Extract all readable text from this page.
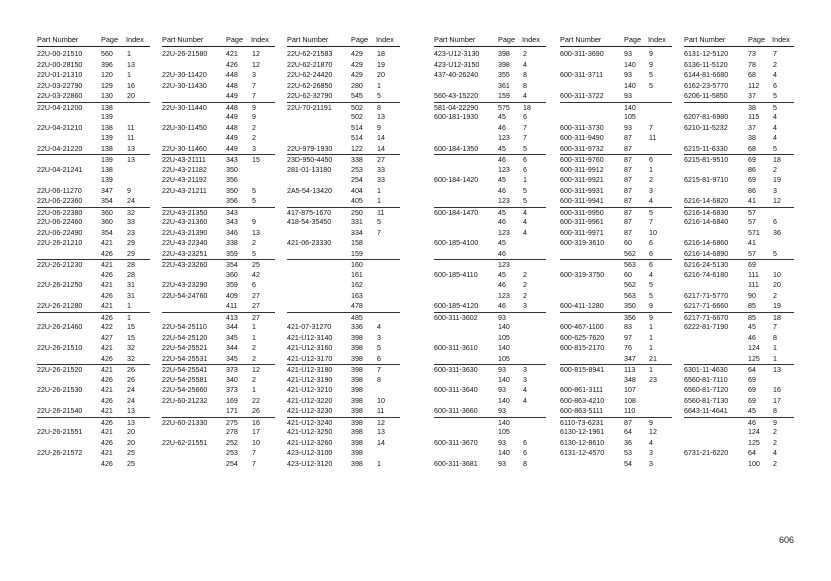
Part Number	Page Index
22U-00-21510	560 1
22U-00-28150	396 13
22U-01-21310	120 1
22U-03-22790	129 16
22U-03-22860	130 20
22U-04-21200	138
139
22U-04-21210	138 11
139 11
22U-04-21220	138 13
139 13
22U-04-21241	138
139
22U-06-11270	347 9
22U-06-22360	354 24
22U-06-22380	360 32
22U-06-22460	360 33
22U-06-22490	354 23
22U-26-21210	421 29
426 29
22U-26-21230	421 28
426 28
22U-26-21250	421 31
426 31
22U-26-21280	421 1
426 1
22U-26-21460	422 15
427 15
22U-26-21510	421 32
426 32
22U-26-21520	421 26
426 26
22U-26-21530	421 24
426 24
22U-26-21540	421 13
426 13
22U-26-21551	421 20
426 20
22U-26-21572	421 25
426 25
Part Number	Page Index
22U-26-21580	421 12
426 12
22U-30-11420	448 3
22U-30-11430	448 7
449 7
22U-30-11440	448 9
449 9
22U-30-11450	448 2
449 2
22U-30-11460	449 3
22U-43-21111	343 15
22U-43-21182	350
22U-43-21192	356
22U-43-21211	350 5
356 5
22U-43-21350	343
22U-43-21360	343 9
22U-43-21390	346 13
22U-43-22340	338 2
22U-43-23251	359 5
22U-43-23260	354 25
360 42
22U-43-23290	359 6
22U-54-24760	409 27
411 27
413 27
22U-54-25110	344 1
22U-54-25120	345 1
22U-54-25521	344 2
22U-54-25531	345 2
22U-54-25541	373 12
22U-54-25581	340 2
22U-54-25660	373 1
22U-60-21232	169 22
171 26
22U-60-21330	275 16
278 17
22U-62-21551	252 10
253 7
254 7
Part Number	Page Index
22U-62-21583	429 18
22U-62-21870	429 19
22U-62-24420	429 20
22U-62-26850	280 1
22U-62-32790	545 5
22U-70-21191	502 8
502 13
514 9
514 14
22U-979-1930	122 14
23D-950-4450	338 27
281-01-13180	253 33
254 33
2A5-54-13420	404 1
405 1
417-875-1670	250 11
418-54-35450	331 5
334 7
421-06-23330	158
159
160
161
162
163
478
485
421-07-31270	336 4
421-U12-3140	398 3
421-U12-3160	398 5
421-U12-3170	398 6
421-U12-3180	398 7
421-U12-3190	398 8
421-U12-3210	398
421-U12-3220	398 10
421-U12-3230	398 11
421-U12-3240	398 12
421-U12-3250	398 13
421-U12-3260	398 14
423-U12-3100	398
423-U12-3120	398 1
Part Number	Page Index
423-U12-3130	398 2
423-U12-3150	398 4
437-40-26240	355 8
361 8
560-43-15220	159 4
581-04-22290	575 18
600-181-1930	45 6
46 7
123 7
600-184-1350	45 5
46 6
123 6
600-184-1420	45 1
46 5
123 5
600-184-1470	45 4
46 4
123 4
600-185-4100	45
46
123
600-185-4110	45 2
46 2
123 2
600-185-4120	46 3
600-311-3602	93
140
105
600-311-3610	140
105
600-311-3630	93 3
140 3
600-311-3640	93 4
140 4
600-311-3660	93
140
105
600-311-3670	93 6
140 6
600-311-3681	93 8
Part Number	Page Index
600-311-3690	93 9
140 9
600-311-3711	93 5
140 5
600-311-3722	93
140
105
600-311-3730	93 7
600-311-9490	87 11
600-311-9732	87
600-311-9760	87 6
600-311-9912	87 1
600-311-9921	87 2
600-311-9931	87 3
600-311-9941	87 4
600-311-9950	87 5
600-311-9961	87 7
600-311-9971	87 10
600-319-3610	60 6
562 6
563 6
600-319-3750	60 4
562 5
563 5
600-411-1280	350 9
356 9
600-467-1100	83 1
600-625-7620	97 1
600-815-2170	76 1
347 21
600-815-8941	113 1
348 23
600-861-3111	107
600-863-4210	108
600-863-5111	110
6110-73-6231	87 9
6130-12-1961	64 12
6130-12-8610	36 4
6131-12-4570	53 3
54 3
Part Number	Page Index
6131-12-5120	73 7
6136-11-5120	78 2
6144-81-6680	68 4
6162-23-5770	112 6
6206-11-5850	37 5
38 5
6207-81-6980	115 4
6210-11-5232	37 4
38 4
6215-11-6330	68 5
6215-81-9510	69 18
86 2
6215-81-9710	69 19
86 3
6216-14-6820	41 12
6216-14-6830	57
6216-14-6840	57 6
571 36
6216-14-6860	41
6216-14-6890	57 5
6216-24-5130	69
6216-74-6180	111 10
111 20
6217-71-5770	90 2
6217-71-6660	85 19
6217-71-6670	85 18
6222-81-7190	45 7
46 8
124 1
125 1
6301-11-4630	64 13
6560-81-7110	69
6560-81-7120	69 16
6560-81-7130	69 17
6643-11-4641	45 8
46 9
124 2
125 2
6731-21-6220	64 4
100 2
606
